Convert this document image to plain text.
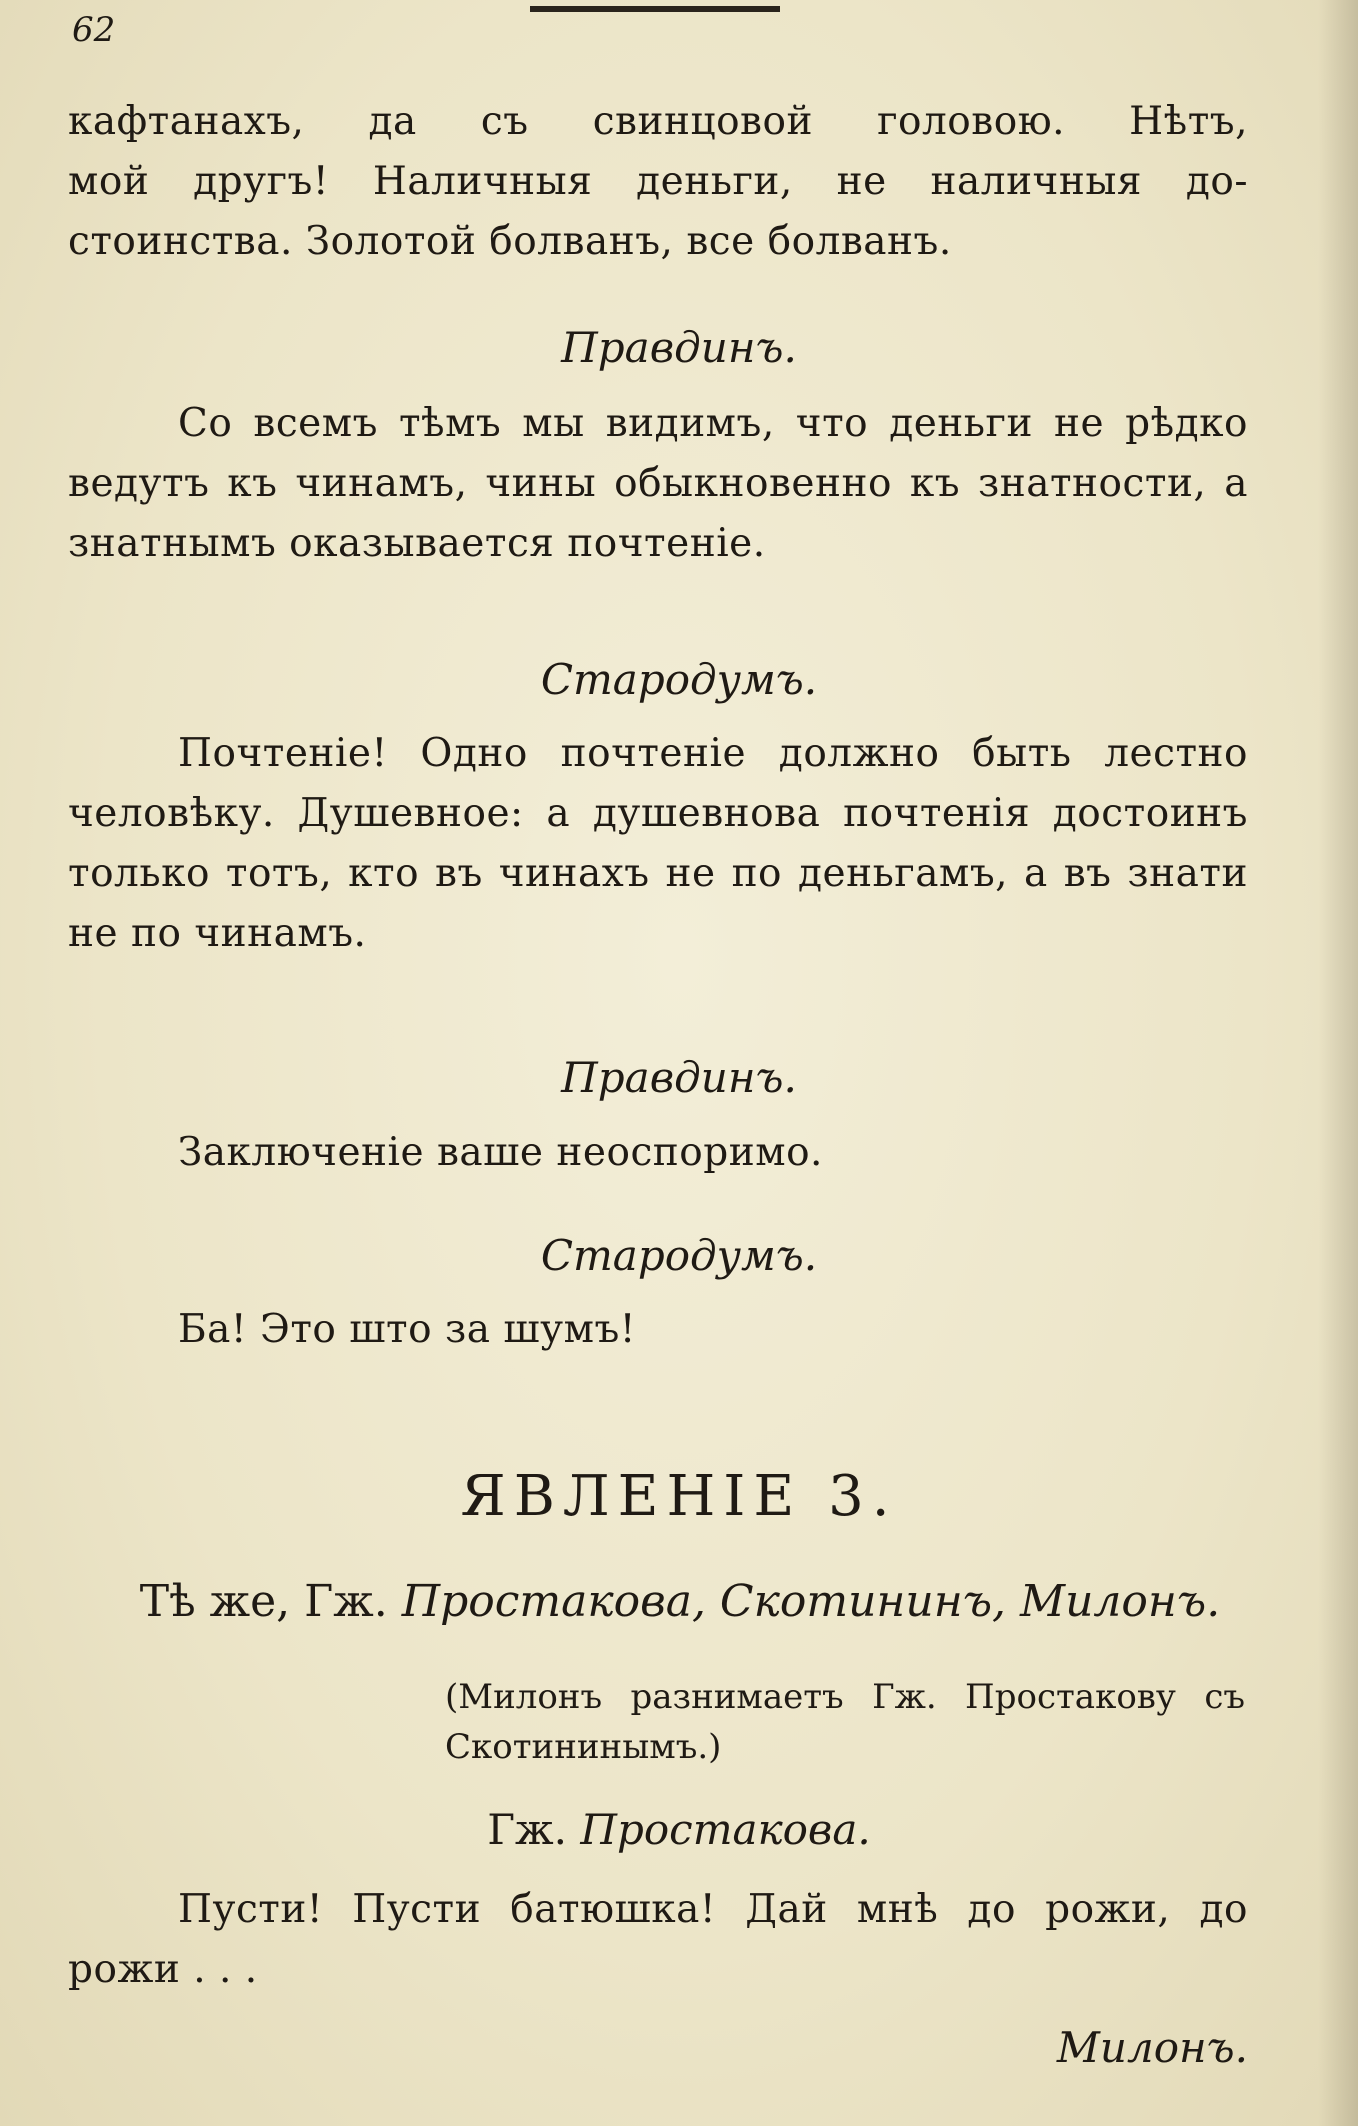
62
кафтанахъ, да съ свинцовой головою. Нѣтъ,
мой другъ! Наличныя деньги, не наличныя до-
стоинства. Золотой болванъ, все болванъ.
Правдинъ.
Со всемъ тѣмъ мы видимъ, что деньги не рѣдко ведутъ къ чинамъ, чины обыкновенно къ знатности, а знатнымъ оказывается почтеніе.
Стародумъ.
Почтеніе! Одно почтеніе должно быть лестно человѣку. Душевное: а душевнова почтенія достоинъ только тотъ, кто въ чинахъ не по деньгамъ, а въ знати не по чинамъ.
Правдинъ.
Заключеніе ваше неоспоримо.
Стародумъ.
Ба! Это што за шумъ!
ЯВЛЕНІЕ 3.
Тѣ же, Гж. Простакова, Скотининъ, Милонъ.
(Милонъ разнимаетъ Гж. Простакову съ Скотининымъ.)
Гж. Простакова.
Пусти! Пусти батюшка! Дай мнѣ до рожи, до рожи . . .
Милонъ.
